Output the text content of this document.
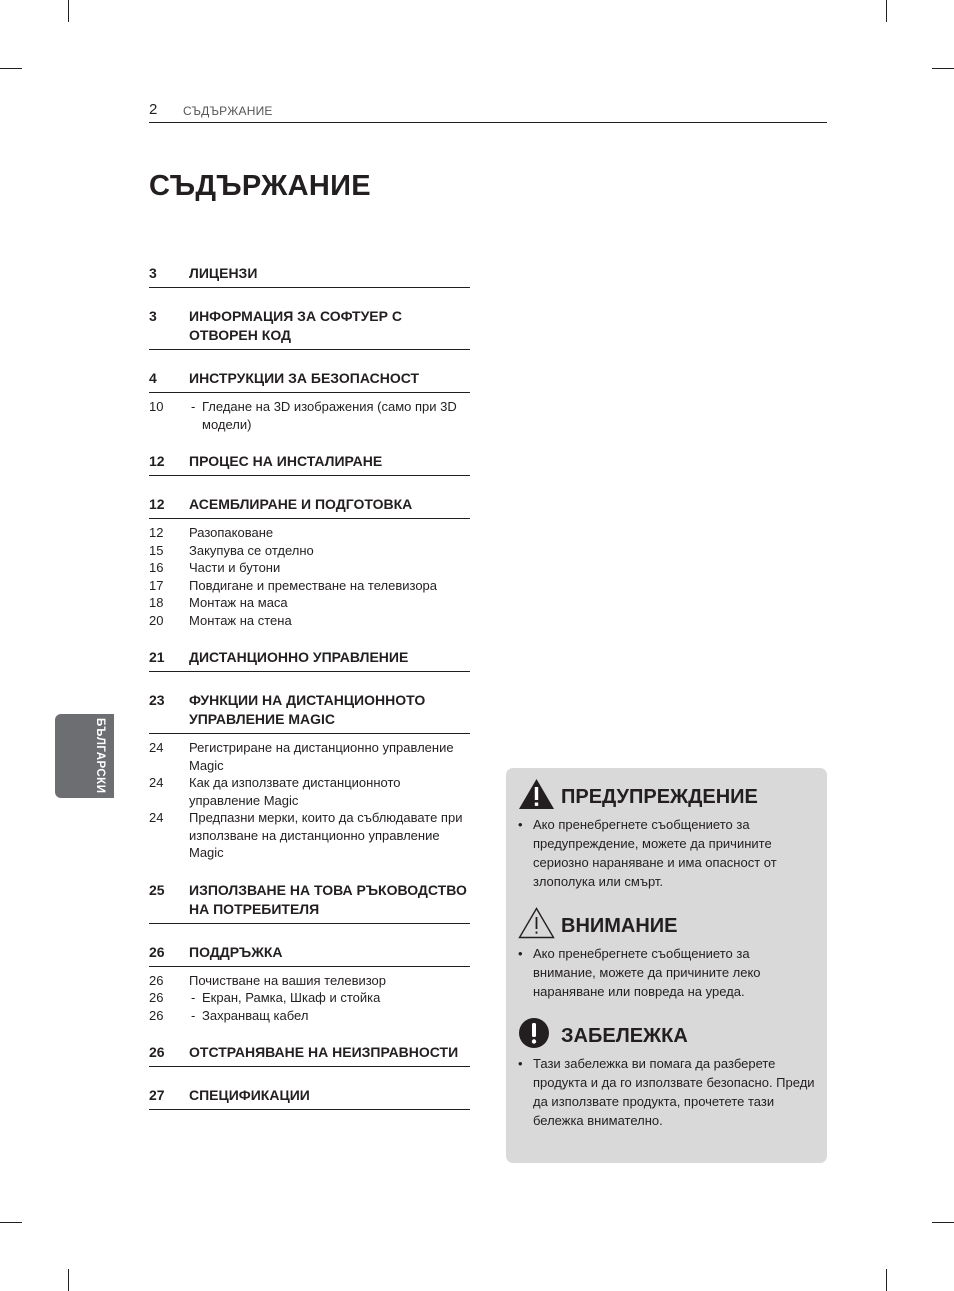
2 СЪДЪРЖАНИЕ
СЪДЪРЖАНИЕ
3	ЛИЦЕНЗИ
3	ИНФОРМАЦИЯ ЗА СОФТУЕР С ОТВОРЕН КОД
4	ИНСТРУКЦИИ ЗА БЕЗОПАСНОСТ
10	- Гледане на 3D изображения (само при 3D модели)
12	ПРОЦЕС НА ИНСТАЛИРАНЕ
12	АСЕМБЛИРАНЕ И ПОДГОТОВКА
12	Разопаковане
15	Закупува се отделно
16	Части и бутони
17	Повдигане и преместване на телевизора
18	Монтаж на маса
20	Монтаж на стена
21	ДИСТАНЦИОННО УПРАВЛЕНИЕ
23	ФУНКЦИИ НА ДИСТАНЦИОННОТО УПРАВЛЕНИЕ MAGIC
24	Регистриране на дистанционно управление Magic
24	Как да използвате дистанционното управление Magic
24	Предпазни мерки, които да съблюдавате при използване на дистанционно управление Magic
25	ИЗПОЛЗВАНЕ НА ТОВА РЪКОВОДСТВО НА ПОТРЕБИТЕЛЯ
26	ПОДДРЪЖКА
26	Почистване на вашия телевизор
26	- Екран, Рамка, Шкаф и стойка
26	- Захранващ кабел
26	ОТСТРАНЯВАНЕ НА НЕИЗПРАВНОСТИ
27	СПЕЦИФИКАЦИИ
БЪЛГАРСКИ
ПРЕДУПРЕЖДЕНИЕ
• Ако пренебрегнете съобщението за предупреждение, можете да причините сериозно нараняване и има опасност от злополука или смърт.
ВНИМАНИЕ
• Ако пренебрегнете съобщението за внимание, можете да причините леко нараняване или повреда на уреда.
ЗАБЕЛЕЖКА
• Тази забележка ви помага да разберете продукта и да го използвате безопасно. Преди да използвате продукта, прочетете тази бележка внимателно.
